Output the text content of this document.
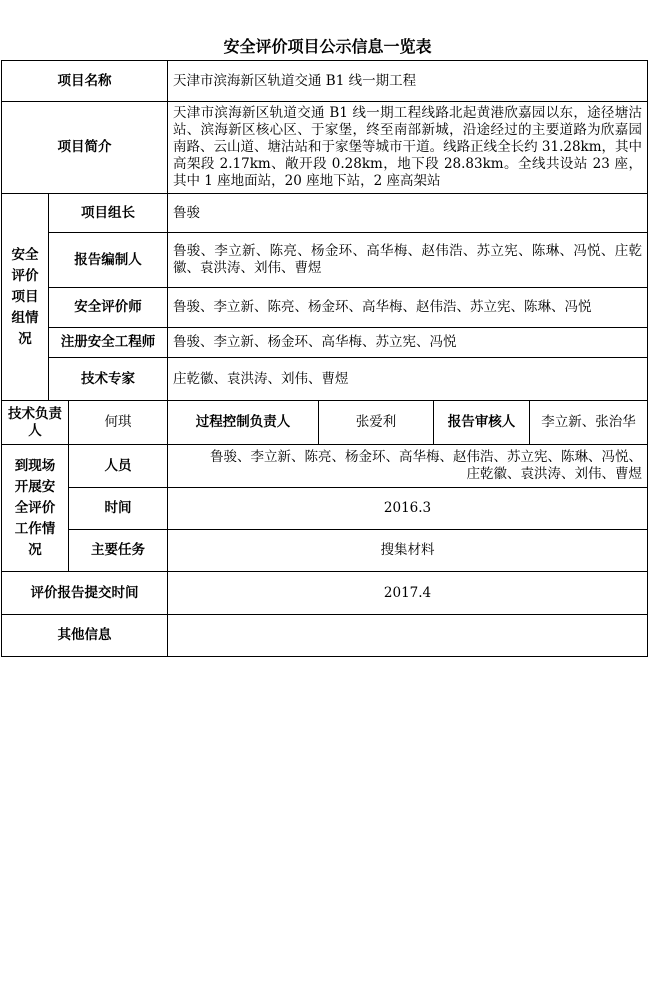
安全评价项目公示信息一览表
项目名称			天津市滨海新区轨道交通 B1 线一期工程			
项目简介			天津市滨海新区轨道交通 B1 线一期工程线路北起黄港欣嘉园以东，途径塘沽站、滨海新区核心区、于家堡，终至南部新城，沿途经过的主要道路为欣嘉园南路、云山道、塘沽站和于家堡等城市干道。线路正线全长约 31.28km，其中高架段 2.17km、敞开段 0.28km，地下段 28.83km。全线共设站 23 座，其中 1 座地面站，20 座地下站，2 座高架站			
安全
评价
项目
组情
况	项目组长		鲁骏			
	报告编制人		鲁骏、李立新、陈亮、杨金环、高华梅、赵伟浩、苏立宪、陈琳、冯悦、庄乾徽、袁洪涛、刘伟、曹煜			
	安全评价师		鲁骏、李立新、陈亮、杨金环、高华梅、赵伟浩、苏立宪、陈琳、冯悦			
	注册安全工程师		鲁骏、李立新、杨金环、高华梅、苏立宪、冯悦			
	技术专家		庄乾徽、袁洪涛、刘伟、曹煜			
技术负责人		何琪	过程控制负责人	张爱利	报告审核人	李立新、张治华
到现场
开展安
全评价
工作情
况		人员	鲁骏、李立新、陈亮、杨金环、高华梅、赵伟浩、苏立宪、陈琳、冯悦、
庄乾徽、袁洪涛、刘伟、曹煜			
		时间	2016.3			
		主要任务	搜集材料			
评价报告提交时间			2017.4			
其他信息						
